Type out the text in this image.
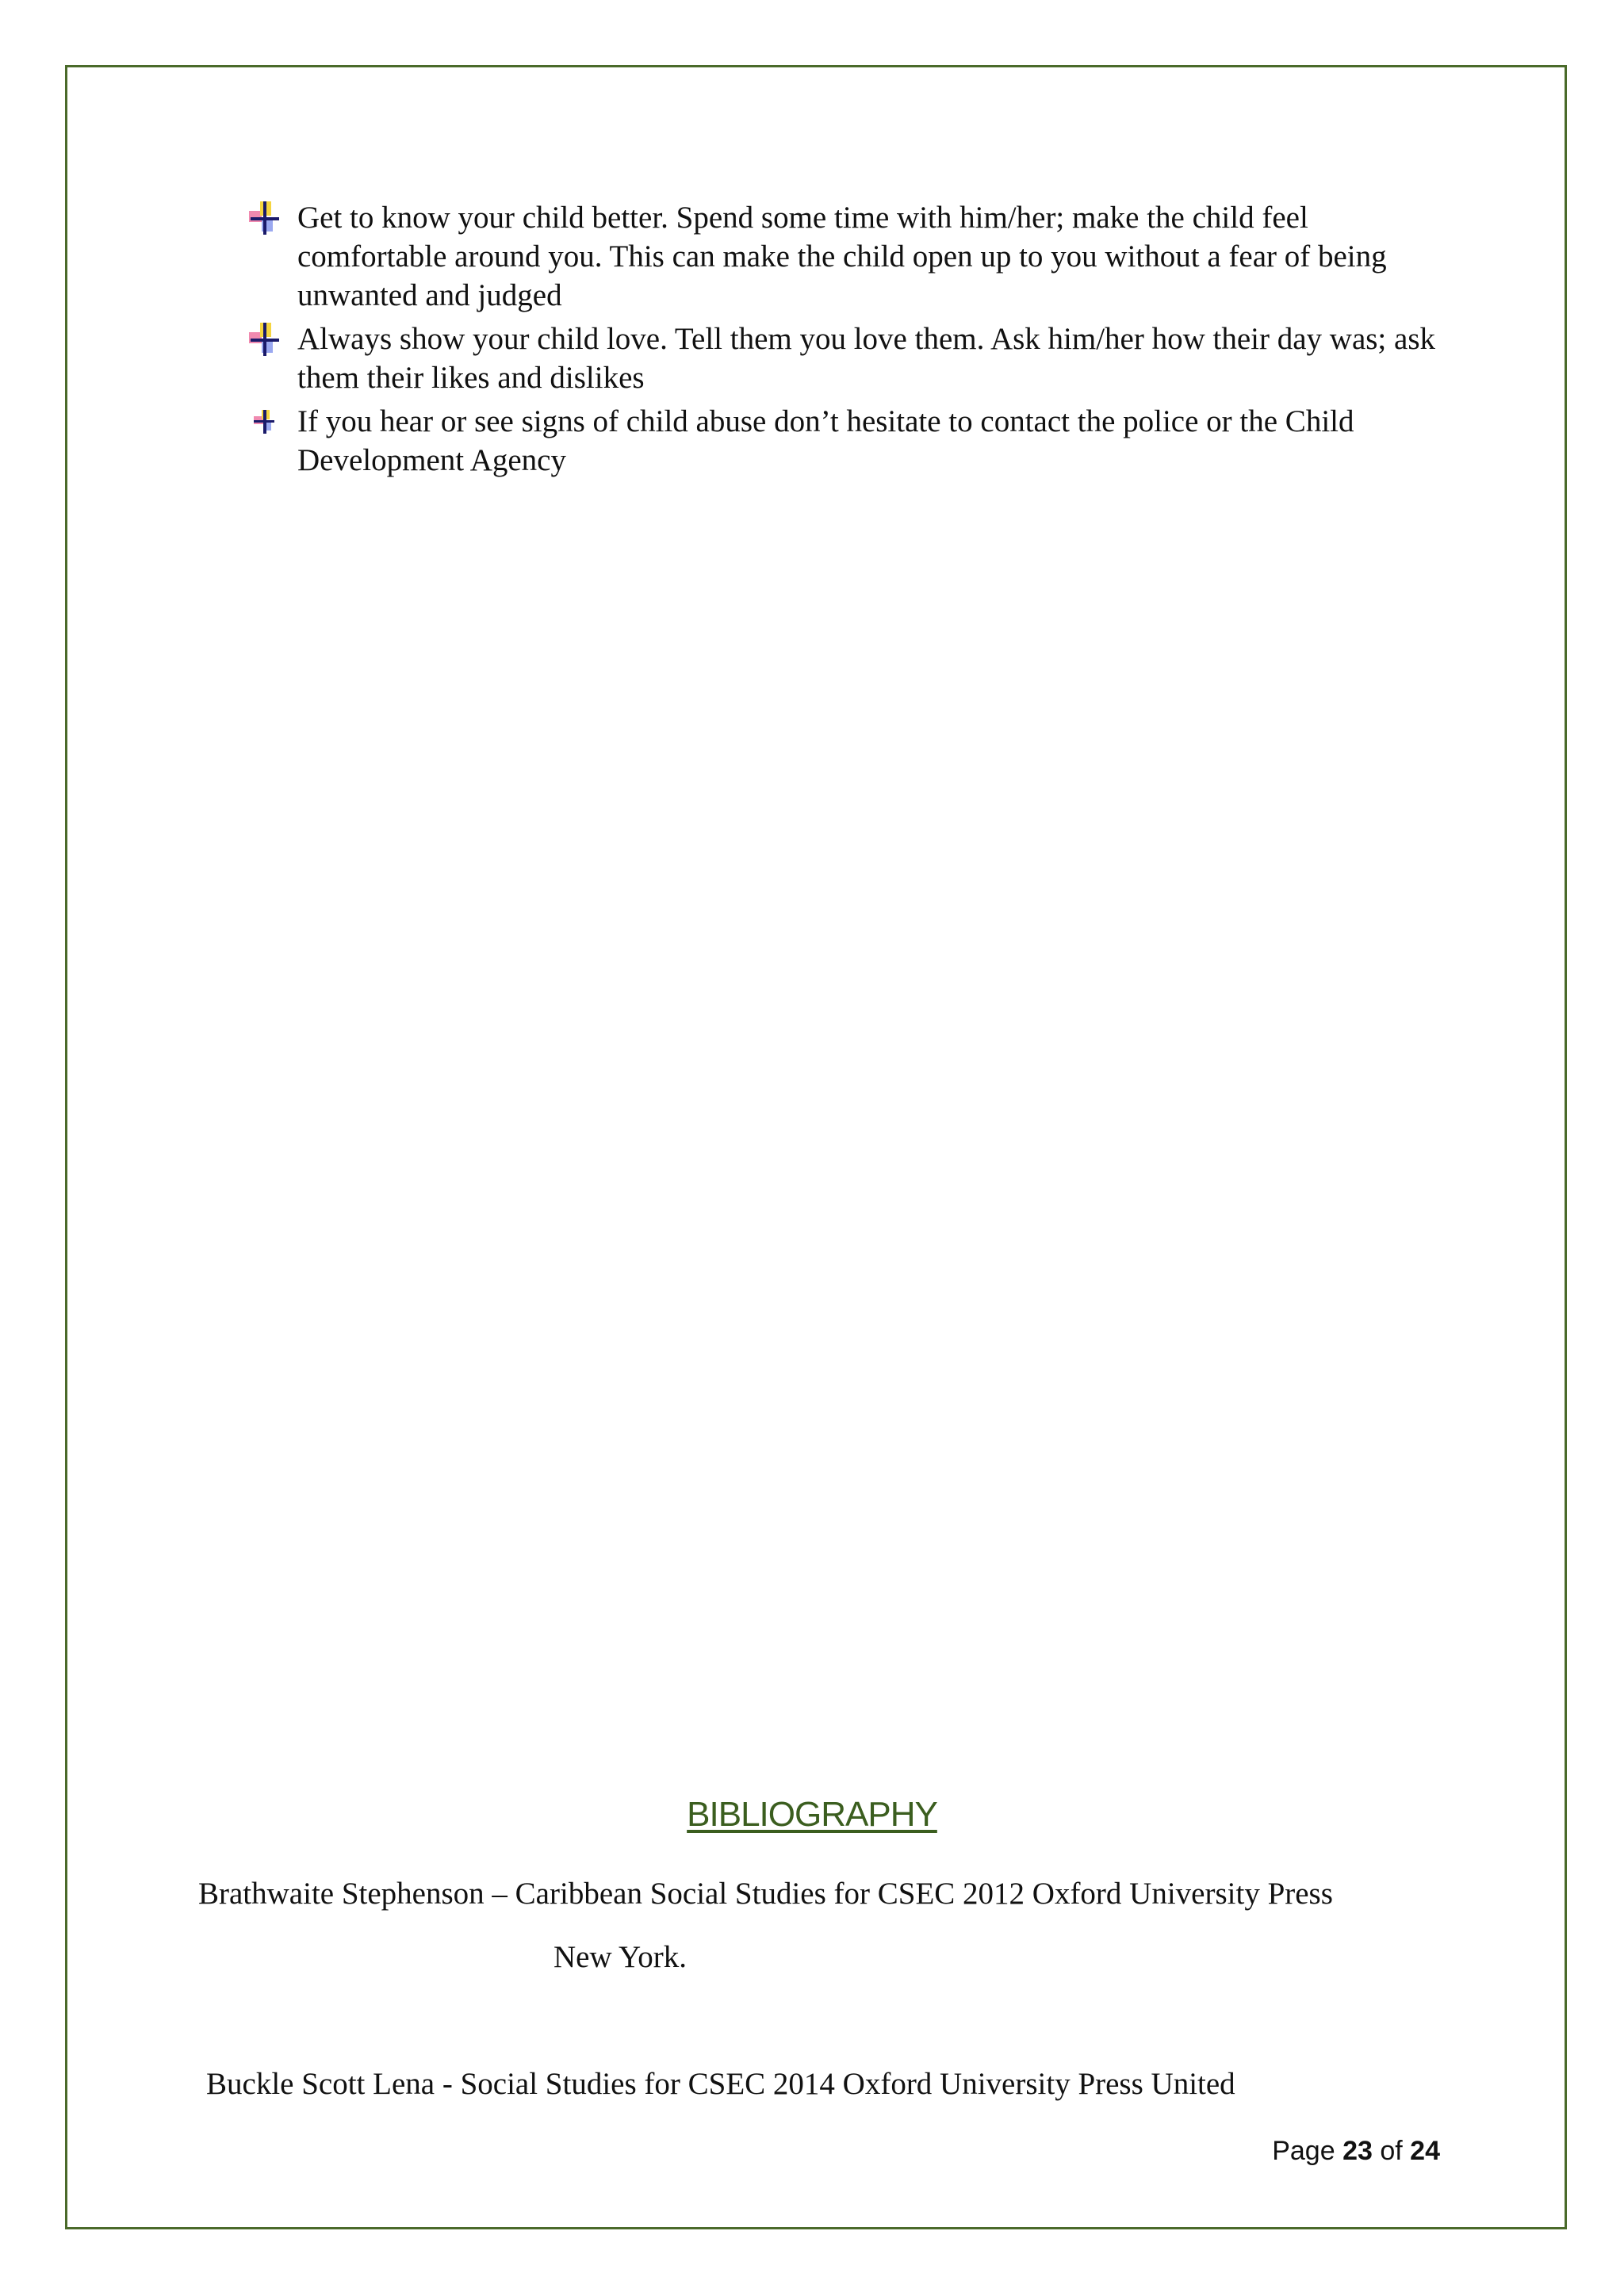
Get to know your child better. Spend some time with him/her; make the child feel comfortable around you. This can make the child open up to you without a fear of being unwanted and judged
Always show your child love. Tell them you love them. Ask him/her how their day was; ask them their likes and dislikes
If you hear or see signs of child abuse don’t hesitate to contact the police or the Child Development Agency
BIBLIOGRAPHY
Brathwaite Stephenson – Caribbean Social Studies for CSEC 2012 Oxford University Press
New York.
Buckle Scott Lena - Social Studies for CSEC 2014 Oxford University Press United
Page 23 of 24
